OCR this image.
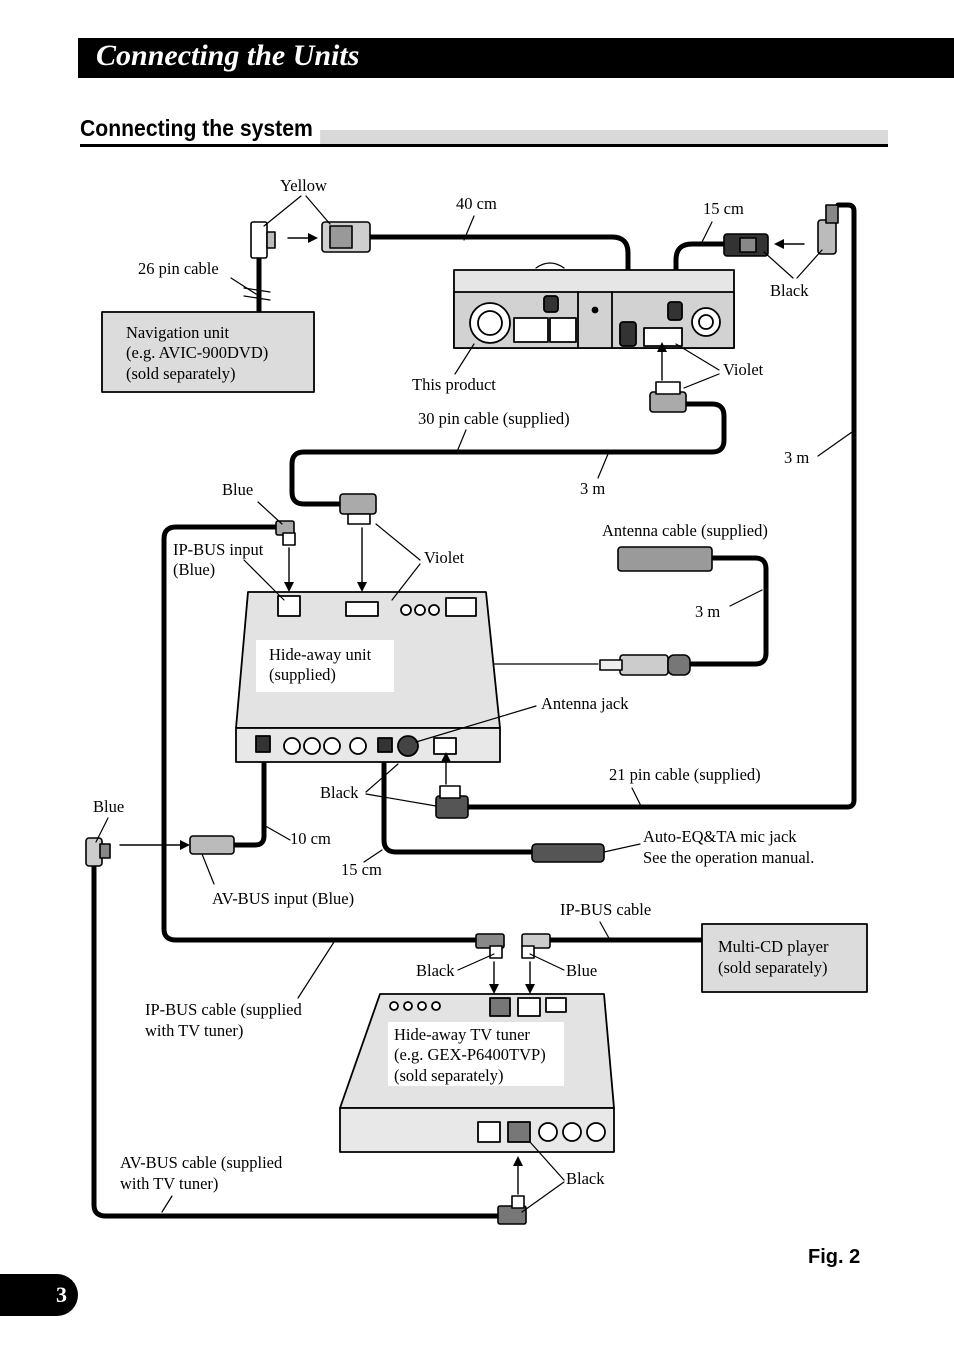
Connecting the Units
Connecting the system
Yellow
40 cm	15 cm
26 pin cable
Black
Navigation unit
(e.g. AVIC-900DVD)
(sold separately)
This product
Violet
30 pin cable (supplied)
3 m
Blue	3 m
Antenna cable (supplied)
IP-BUS input
(Blue)
Violet
3 m
Hide-away unit
(supplied)
Antenna jack
21 pin cable (supplied)
Black
Blue
10 cm	Auto-EQ&TA mic jack
See the operation manual.
15 cm
AV-BUS input (Blue)
IP-BUS cable
Multi-CD player
(sold separately)
Black	Blue
IP-BUS cable (supplied
with TV tuner)	Hide-away TV tuner
(e.g. GEX-P6400TVP)
(sold separately)
AV-BUS cable (supplied
with TV tuner)	Black
Fig. 2
3
